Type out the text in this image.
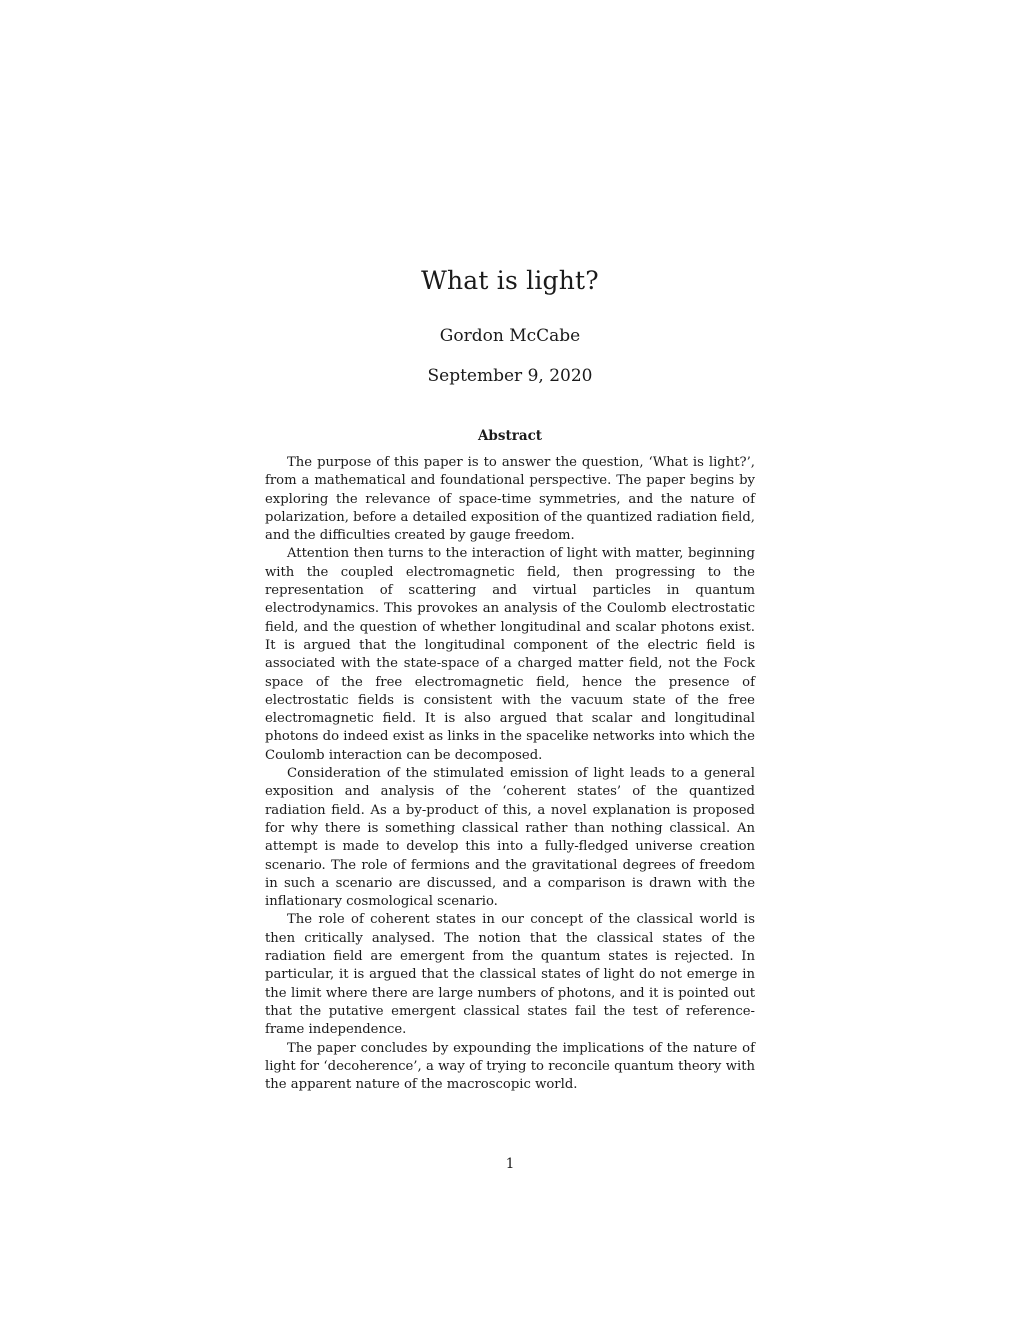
What is light?
Gordon McCabe
September 9, 2020
Abstract

The purpose of this paper is to answer the question, ‘What is light?’, from a mathematical and foundational perspective. The paper begins by exploring the relevance of space-time symmetries, and the nature of polarization, before a detailed exposition of the quantized radiation field, and the difficulties created by gauge freedom.

Attention then turns to the interaction of light with matter, beginning with the coupled electromagnetic field, then progressing to the representation of scattering and virtual particles in quantum electrodynamics. This provokes an analysis of the Coulomb electrostatic field, and the question of whether longitudinal and scalar photons exist. It is argued that the longitudinal component of the electric field is associated with the state-space of a charged matter field, not the Fock space of the free electromagnetic field, hence the presence of electrostatic fields is consistent with the vacuum state of the free electromagnetic field. It is also argued that scalar and longitudinal photons do indeed exist as links in the spacelike networks into which the Coulomb interaction can be decomposed.

Consideration of the stimulated emission of light leads to a general exposition and analysis of the ‘coherent states’ of the quantized radiation field. As a by-product of this, a novel explanation is proposed for why there is something classical rather than nothing classical. An attempt is made to develop this into a fully-fledged universe creation scenario. The role of fermions and the gravitational degrees of freedom in such a scenario are discussed, and a comparison is drawn with the inflationary cosmological scenario.

The role of coherent states in our concept of the classical world is then critically analysed. The notion that the classical states of the radiation field are emergent from the quantum states is rejected. In particular, it is argued that the classical states of light do not emerge in the limit where there are large numbers of photons, and it is pointed out that the putative emergent classical states fail the test of reference-frame independence.

The paper concludes by expounding the implications of the nature of light for ‘decoherence’, a way of trying to reconcile quantum theory with the apparent nature of the macroscopic world.

1
